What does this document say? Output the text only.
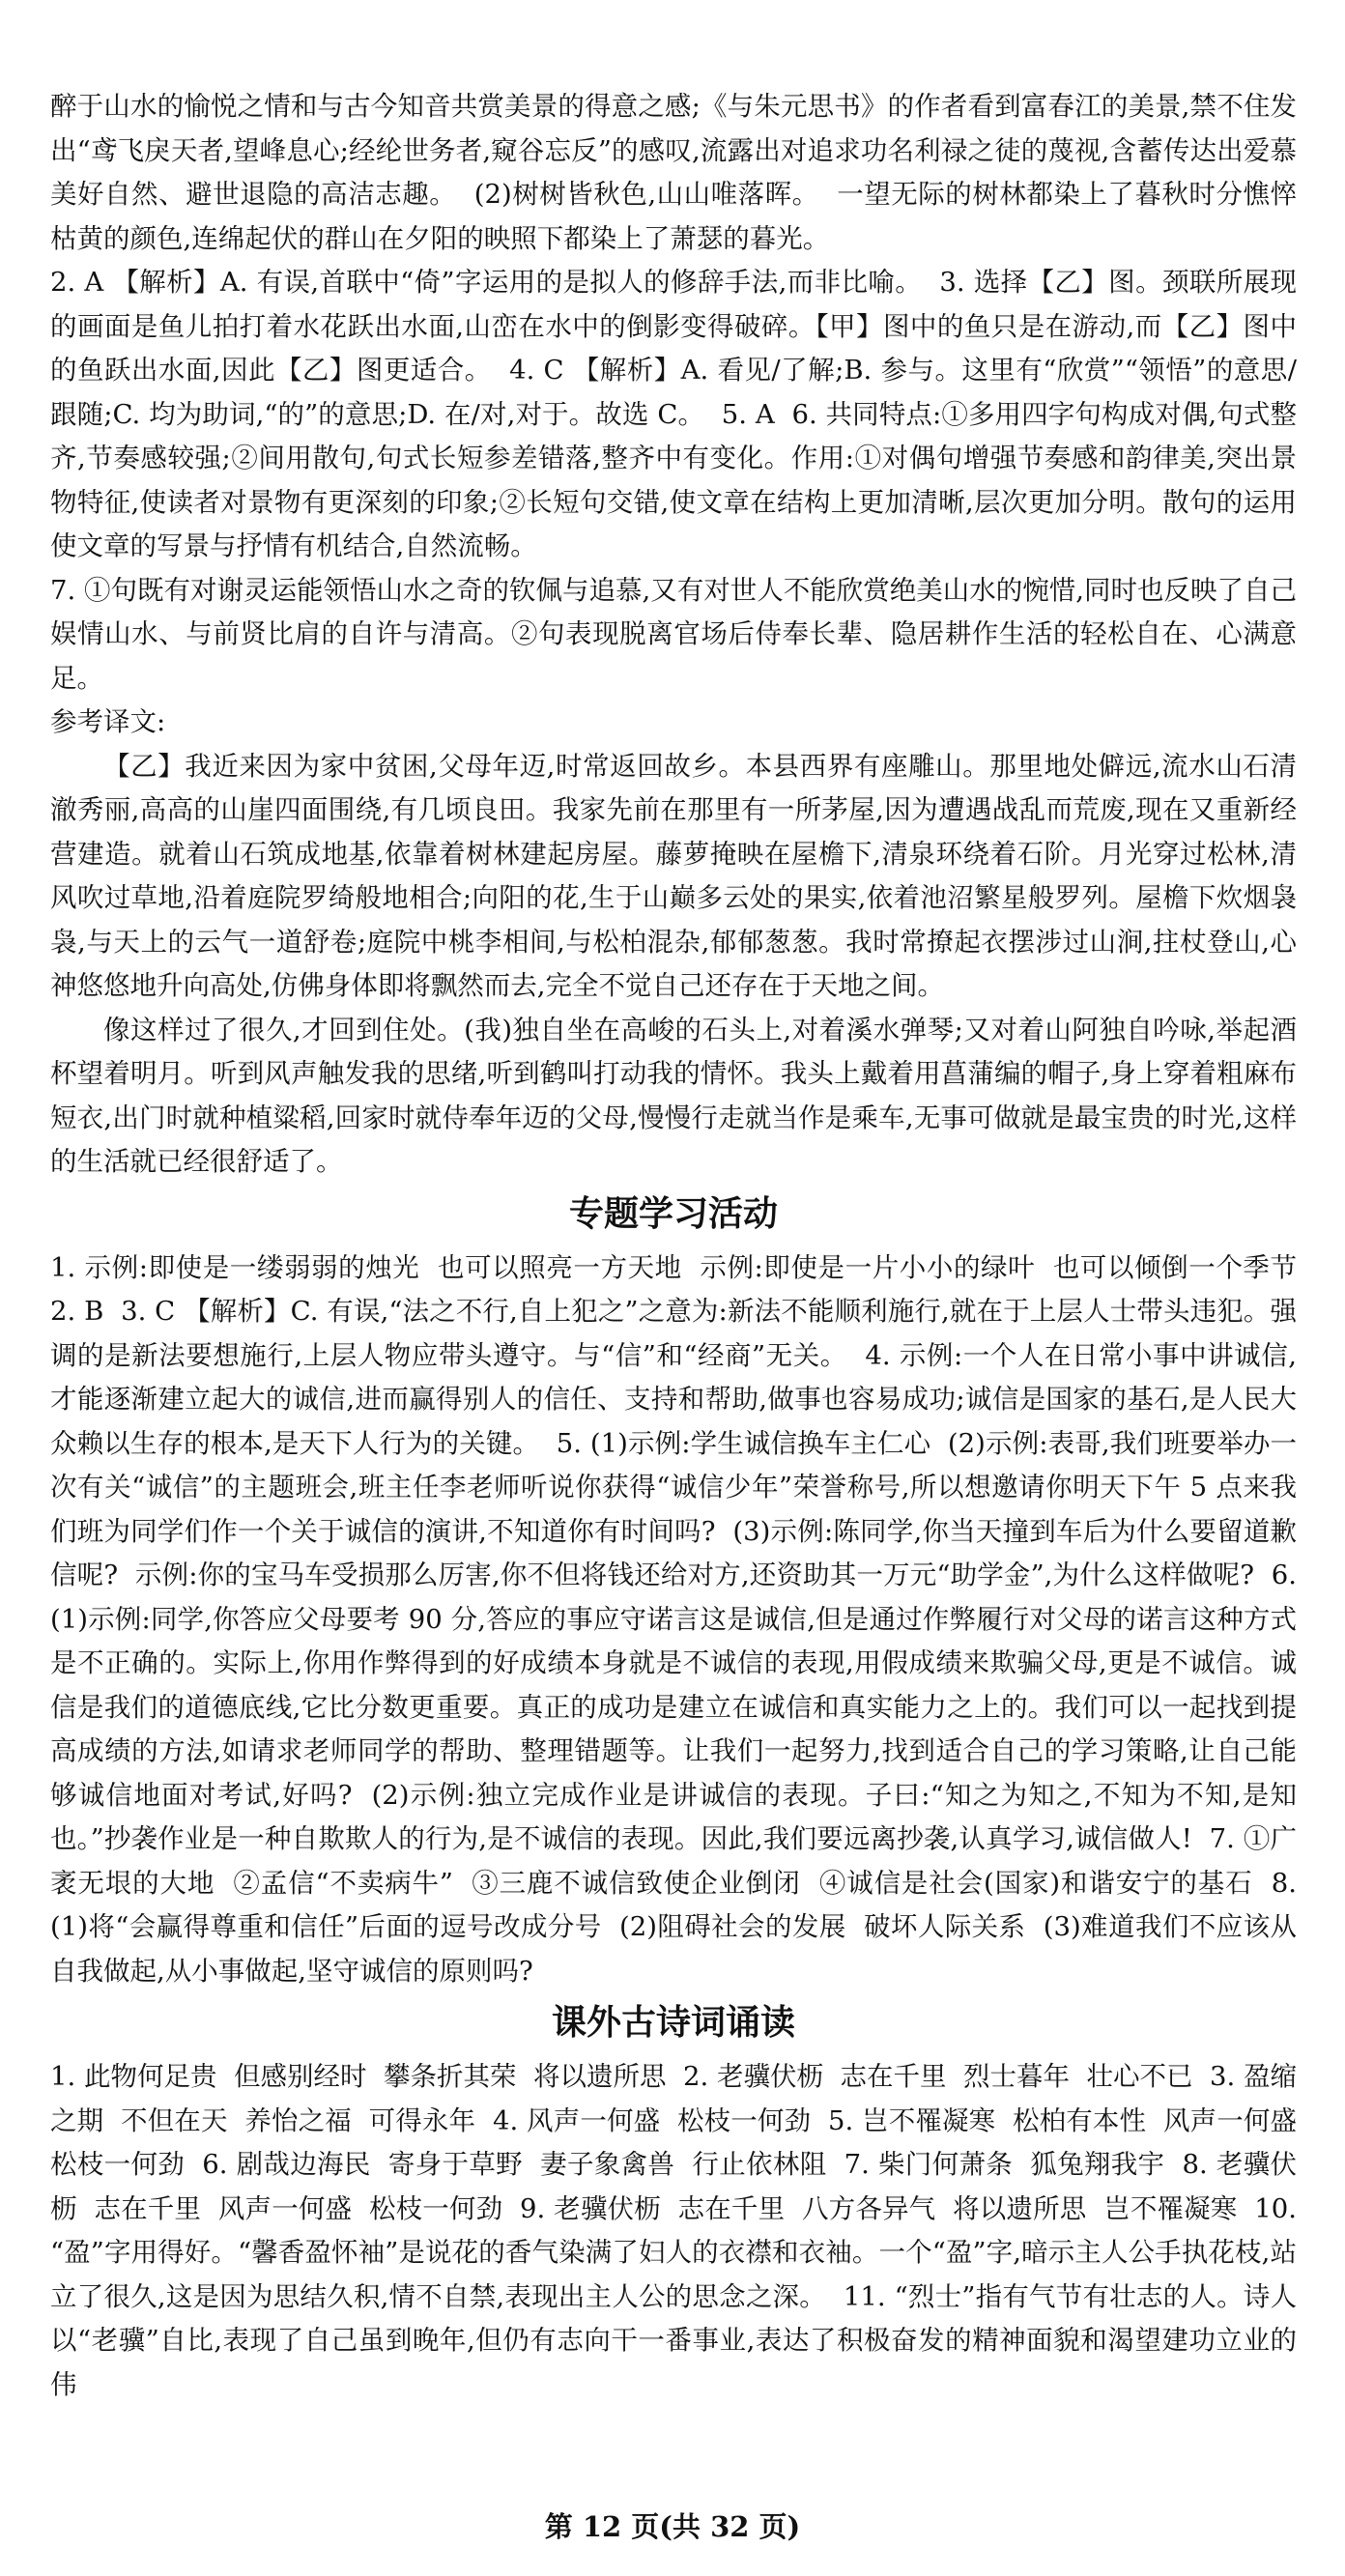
醉于山水的愉悦之情和与古今知音共赏美景的得意之感;《与朱元思书》的作者看到富春江的美景,禁不住发出“鸢飞戾天者,望峰息心;经纶世务者,窥谷忘反”的感叹,流露出对追求功名利禄之徒的蔑视,含蓄传达出爱慕美好自然、避世退隐的高洁志趣。  (2)树树皆秋色,山山唯落晖。  一望无际的树林都染上了暮秋时分憔悴枯黄的颜色,连绵起伏的群山在夕阳的映照下都染上了萧瑟的暮光。

2. A 【解析】A. 有误,首联中“倚”字运用的是拟人的修辞手法,而非比喻。  3. 选择【乙】图。颈联所展现的画面是鱼儿拍打着水花跃出水面,山峦在水中的倒影变得破碎。【甲】图中的鱼只是在游动,而【乙】图中的鱼跃出水面,因此【乙】图更适合。  4. C 【解析】A. 看见/了解;B. 参与。这里有“欣赏”“领悟”的意思/跟随;C. 均为助词,“的”的意思;D. 在/对,对于。故选 C。  5. A  6. 共同特点:①多用四字句构成对偶,句式整齐,节奏感较强;②间用散句,句式长短参差错落,整齐中有变化。作用:①对偶句增强节奏感和韵律美,突出景物特征,使读者对景物有更深刻的印象;②长短句交错,使文章在结构上更加清晰,层次更加分明。散句的运用使文章的写景与抒情有机结合,自然流畅。

7. ①句既有对谢灵运能领悟山水之奇的钦佩与追慕,又有对世人不能欣赏绝美山水的惋惜,同时也反映了自己娱情山水、与前贤比肩的自许与清高。②句表现脱离官场后侍奉长辈、隐居耕作生活的轻松自在、心满意足。

参考译文:

【乙】我近来因为家中贫困,父母年迈,时常返回故乡。本县西界有座雕山。那里地处僻远,流水山石清澈秀丽,高高的山崖四面围绕,有几顷良田。我家先前在那里有一所茅屋,因为遭遇战乱而荒废,现在又重新经营建造。就着山石筑成地基,依靠着树林建起房屋。藤萝掩映在屋檐下,清泉环绕着石阶。月光穿过松林,清风吹过草地,沿着庭院罗绮般地相合;向阳的花,生于山巅多云处的果实,依着池沼繁星般罗列。屋檐下炊烟袅袅,与天上的云气一道舒卷;庭院中桃李相间,与松柏混杂,郁郁葱葱。我时常撩起衣摆涉过山涧,拄杖登山,心神悠悠地升向高处,仿佛身体即将飘然而去,完全不觉自己还存在于天地之间。

像这样过了很久,才回到住处。(我)独自坐在高峻的石头上,对着溪水弹琴;又对着山阿独自吟咏,举起酒杯望着明月。听到风声触发我的思绪,听到鹤叫打动我的情怀。我头上戴着用菖蒲编的帽子,身上穿着粗麻布短衣,出门时就种植粱稻,回家时就侍奉年迈的父母,慢慢行走就当作是乘车,无事可做就是最宝贵的时光,这样的生活就已经很舒适了。

专题学习活动

1. 示例:即使是一缕弱弱的烛光  也可以照亮一方天地  示例:即使是一片小小的绿叶  也可以倾倒一个季节  2. B  3. C 【解析】C. 有误,“法之不行,自上犯之”之意为:新法不能顺利施行,就在于上层人士带头违犯。强调的是新法要想施行,上层人物应带头遵守。与“信”和“经商”无关。  4. 示例:一个人在日常小事中讲诚信,才能逐渐建立起大的诚信,进而赢得别人的信任、支持和帮助,做事也容易成功;诚信是国家的基石,是人民大众赖以生存的根本,是天下人行为的关键。  5. (1)示例:学生诚信换车主仁心  (2)示例:表哥,我们班要举办一次有关“诚信”的主题班会,班主任李老师听说你获得“诚信少年”荣誉称号,所以想邀请你明天下午 5 点来我们班为同学们作一个关于诚信的演讲,不知道你有时间吗?  (3)示例:陈同学,你当天撞到车后为什么要留道歉信呢?  示例:你的宝马车受损那么厉害,你不但将钱还给对方,还资助其一万元“助学金”,为什么这样做呢?  6. (1)示例:同学,你答应父母要考 90 分,答应的事应守诺言这是诚信,但是通过作弊履行对父母的诺言这种方式是不正确的。实际上,你用作弊得到的好成绩本身就是不诚信的表现,用假成绩来欺骗父母,更是不诚信。诚信是我们的道德底线,它比分数更重要。真正的成功是建立在诚信和真实能力之上的。我们可以一起找到提高成绩的方法,如请求老师同学的帮助、整理错题等。让我们一起努力,找到适合自己的学习策略,让自己能够诚信地面对考试,好吗?  (2)示例:独立完成作业是讲诚信的表现。子曰:“知之为知之,不知为不知,是知也。”抄袭作业是一种自欺欺人的行为,是不诚信的表现。因此,我们要远离抄袭,认真学习,诚信做人!  7. ①广袤无垠的大地  ②孟信“不卖病牛”  ③三鹿不诚信致使企业倒闭  ④诚信是社会(国家)和谐安宁的基石  8. (1)将“会赢得尊重和信任”后面的逗号改成分号  (2)阻碍社会的发展  破坏人际关系  (3)难道我们不应该从自我做起,从小事做起,坚守诚信的原则吗?

课外古诗词诵读

1. 此物何足贵  但感别经时  攀条折其荣  将以遗所思  2. 老骥伏枥  志在千里  烈士暮年  壮心不已  3. 盈缩之期  不但在天  养怡之福  可得永年  4. 风声一何盛  松枝一何劲  5. 岂不罹凝寒  松柏有本性  风声一何盛  松枝一何劲  6. 剧哉边海民  寄身于草野  妻子象禽兽  行止依林阻  7. 柴门何萧条  狐兔翔我宇  8. 老骥伏枥  志在千里  风声一何盛  松枝一何劲  9. 老骥伏枥  志在千里  八方各异气  将以遗所思  岂不罹凝寒  10. “盈”字用得好。“馨香盈怀袖”是说花的香气染满了妇人的衣襟和衣袖。一个“盈”字,暗示主人公手执花枝,站立了很久,这是因为思结久积,情不自禁,表现出主人公的思念之深。  11. “烈士”指有气节有壮志的人。诗人以“老骥”自比,表现了自己虽到晚年,但仍有志向干一番事业,表达了积极奋发的精神面貌和渴望建功立业的伟

第 12 页(共 32 页)
